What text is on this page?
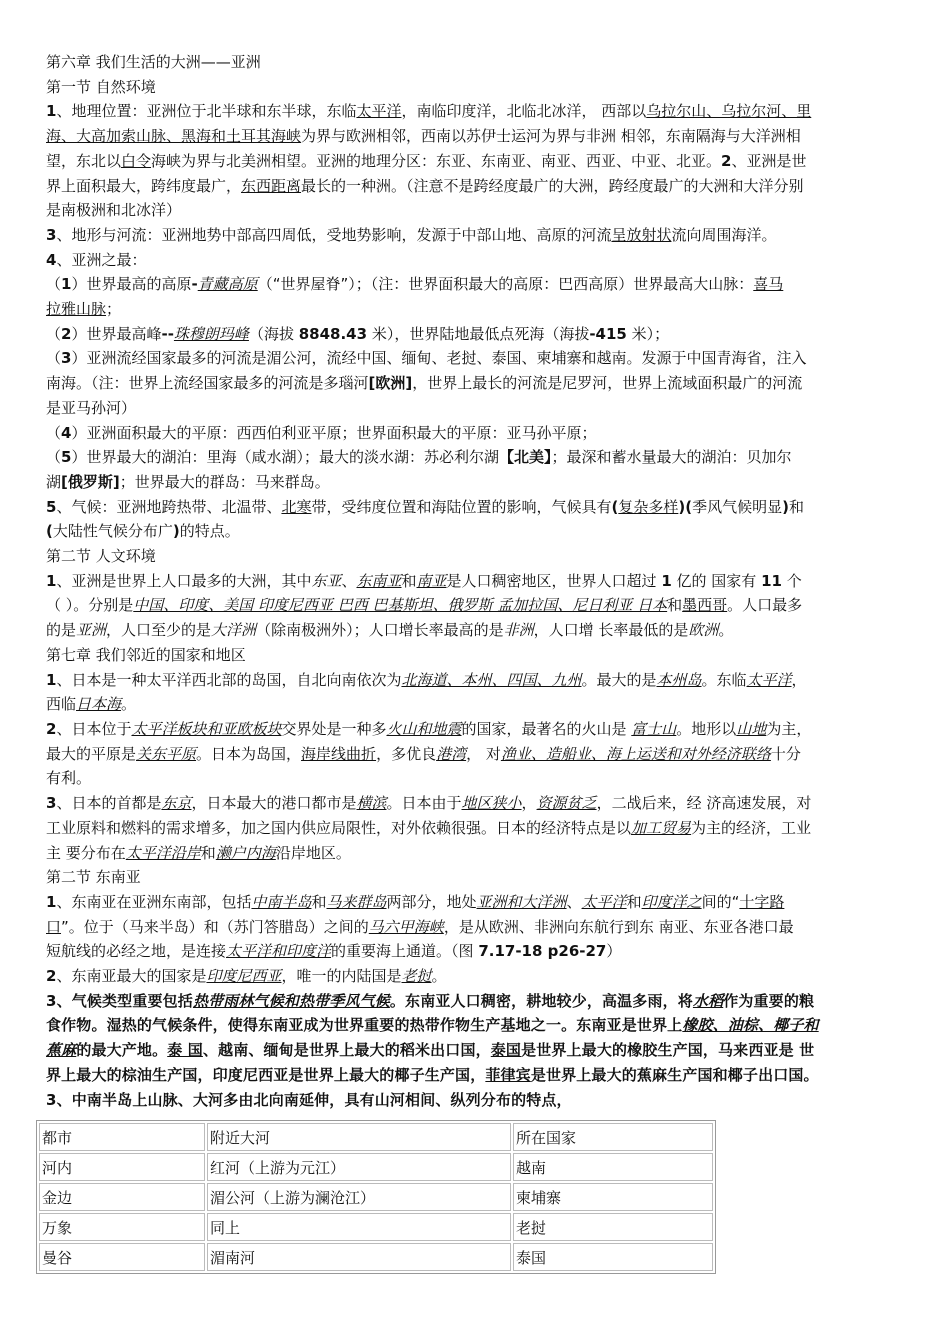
第六章 我们生活的大洲——亚洲
第一节 自然环境
1、地理位置：亚洲位于北半球和东半球，东临太平洋，南临印度洋，北临北冰洋， 西部以乌拉尔山、乌拉尔河、里
海、大高加索山脉、黑海和土耳其海峡为界与欧洲相邻，西南以苏伊士运河为界与非洲 相邻，东南隔海与大洋洲相
望，东北以白令海峡为界与北美洲相望。亚洲的地理分区：东亚、东南亚、南亚、西亚、中亚、北亚。2、亚洲是世
界上面积最大，跨纬度最广，东西距离最长的一种洲。（注意不是跨经度最广的大洲，跨经度最广的大洲和大洋分别
是南极洲和北冰洋）
3、地形与河流：亚洲地势中部高四周低，受地势影响，发源于中部山地、高原的河流呈放射状流向周围海洋。
4、亚洲之最：
（1）世界最高的高原-青藏高原（“世界屋脊”）；（注：世界面积最大的高原：巴西高原）世界最高大山脉：喜马
拉雅山脉；
（2）世界最高峰--珠穆朗玛峰（海拔 8848.43 米），世界陆地最低点死海（海拔-415 米）；
（3）亚洲流经国家最多的河流是湄公河，流经中国、缅甸、老挝、泰国、柬埔寨和越南。发源于中国青海省，注入
南海。（注：世界上流经国家最多的河流是多瑙河[欧洲]，世界上最长的河流是尼罗河，世界上流域面积最广的河流
是亚马孙河）
（4）亚洲面积最大的平原：西西伯利亚平原；世界面积最大的平原：亚马孙平原；
（5）世界最大的湖泊：里海（咸水湖）；最大的淡水湖：苏必利尔湖【北美】；最深和蓄水量最大的湖泊：贝加尔
湖[俄罗斯]；世界最大的群岛：马来群岛。
5、气候：亚洲地跨热带、北温带、北寒带，受纬度位置和海陆位置的影响，气候具有(复杂多样)(季风气候明显)和
(大陆性气候分布广)的特点。
第二节 人文环境
1、亚洲是世界上人口最多的大洲，其中东亚、东南亚和南亚是人口稠密地区，世界人口超过 1 亿的 国家有 11 个
（ ）。分别是中国、印度、美国 印度尼西亚 巴西 巴基斯坦、俄罗斯 孟加拉国、尼日利亚 日本和墨西哥。人口最多
的是亚洲，人口至少的是大洋洲（除南极洲外）；人口增长率最高的是非洲，人口增 长率最低的是欧洲。
第七章 我们邻近的国家和地区
1、日本是一种太平洋西北部的岛国，自北向南依次为北海道、本州、四国、九州。最大的是本州岛。东临太平洋，
西临日本海。
2、日本位于太平洋板块和亚欧板块交界处是一种多火山和地震的国家，最著名的火山是 富士山。地形以山地为主，
最大的平原是关东平原。日本为岛国，海岸线曲折，多优良港湾， 对渔业、造船业、海上运送和对外经济联络十分
有利。
3、日本的首都是东京，日本最大的港口都市是横滨。日本由于地区狭小，资源贫乏，二战后来，经 济高速发展，对
工业原料和燃料的需求增多，加之国内供应局限性，对外依赖很强。日本的经济特点是以加工贸易为主的经济，工业
主 要分布在太平洋沿岸和濑户内海沿岸地区。
第二节 东南亚
1、东南亚在亚洲东南部，包括中南半岛和马来群岛两部分，地处亚洲和大洋洲、太平洋和印度洋之间的“十字路
口”。位于（马来半岛）和（苏门答腊岛）之间的马六甲海峡，是从欧洲、非洲向东航行到东 南亚、东亚各港口最
短航线的必经之地，是连接太平洋和印度洋的重要海上通道。（图 7.17-18 p26-27）
2、东南亚最大的国家是印度尼西亚，唯一的内陆国是老挝。
3、气候类型重要包括热带雨林气候和热带季风气候。东南亚人口稠密，耕地较少，高温多雨，将水稻作为重要的粮
食作物。湿热的气候条件，使得东南亚成为世界重要的热带作物生产基地之一。东南亚是世界上橡胶、油棕、椰子和
蕉麻的最大产地。泰 国、越南、缅甸是世界上最大的稻米出口国，泰国是世界上最大的橡胶生产国，马来西亚是 世
界上最大的棕油生产国，印度尼西亚是世界上最大的椰子生产国，菲律宾是世界上最大的蕉麻生产国和椰子出口国。
3、中南半岛上山脉、大河多由北向南延伸，具有山河相间、纵列分布的特点，
都市	附近大河	所在国家
河内	红河（上游为元江）	越南
金边	湄公河（上游为澜沧江）	柬埔寨
万象	同上	老挝
曼谷	湄南河	泰国
